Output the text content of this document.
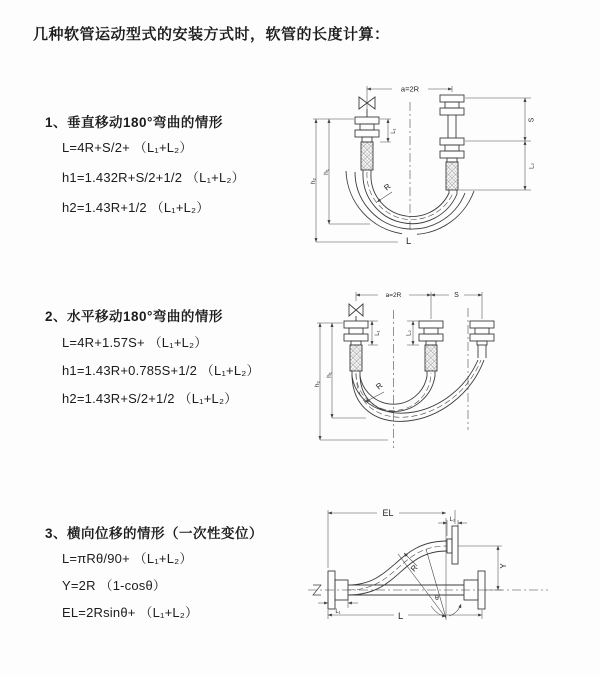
几种软管运动型式的安装方式时，软管的长度计算：
1、垂直移动180°弯曲的情形
L=4R+S/2+ （L₁+L₂）
h1=1.432R+S/2+1/2 （L₁+L₂）
h2=1.43R+1/2 （L₁+L₂）
a=2R
L₁
S
L₂
h₁
h₂
R
L
2、水平移动180°弯曲的情形
L=4R+1.57S+ （L₁+L₂）
h1=1.43R+0.785S+1/2 （L₁+L₂）
h2=1.43R+S/2+1/2 （L₁+L₂）
a=2R	S
L₁	L₂
h₁
h₂	R
3、横向位移的情形（一次性变位）
L=πRθ/90+ （L₁+L₂）
Y=2R （1-cosθ）
EL=2Rsinθ+ （L₁+L₂）
EL
L₂
Y
R
θ
L
L₁
